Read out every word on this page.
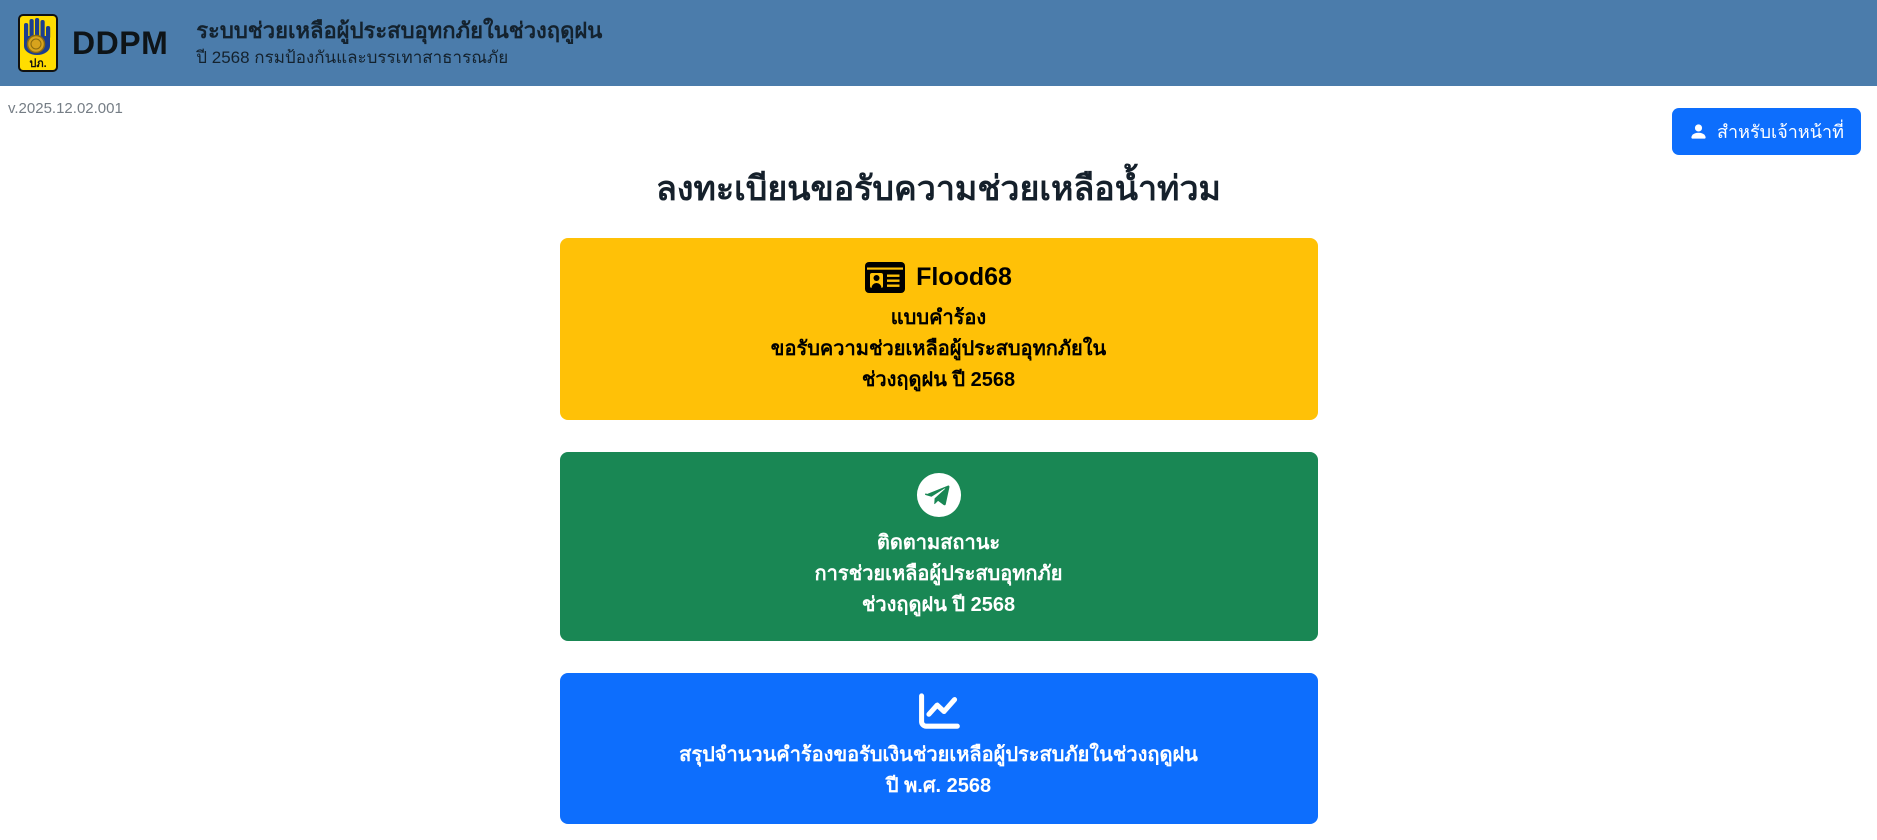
ปภ.
DDPM ระบบช่วยเหลือผู้ประสบอุทกภัยในช่วงฤดูฝน
ปี 2568 กรมป้องกันและบรรเทาสาธารณภัย
v.2025.12.02.001
สำหรับเจ้าหน้าที่
ลงทะเบียนขอรับความช่วยเหลือน้ำท่วม
Flood68
แบบคำร้อง
ขอรับความช่วยเหลือผู้ประสบอุทกภัยใน
ช่วงฤดูฝน ปี 2568
ติดตามสถานะ
การช่วยเหลือผู้ประสบอุทกภัย
ช่วงฤดูฝน ปี 2568
สรุปจำนวนคำร้องขอรับเงินช่วยเหลือผู้ประสบภัยในช่วงฤดูฝน
ปี พ.ศ. 2568
